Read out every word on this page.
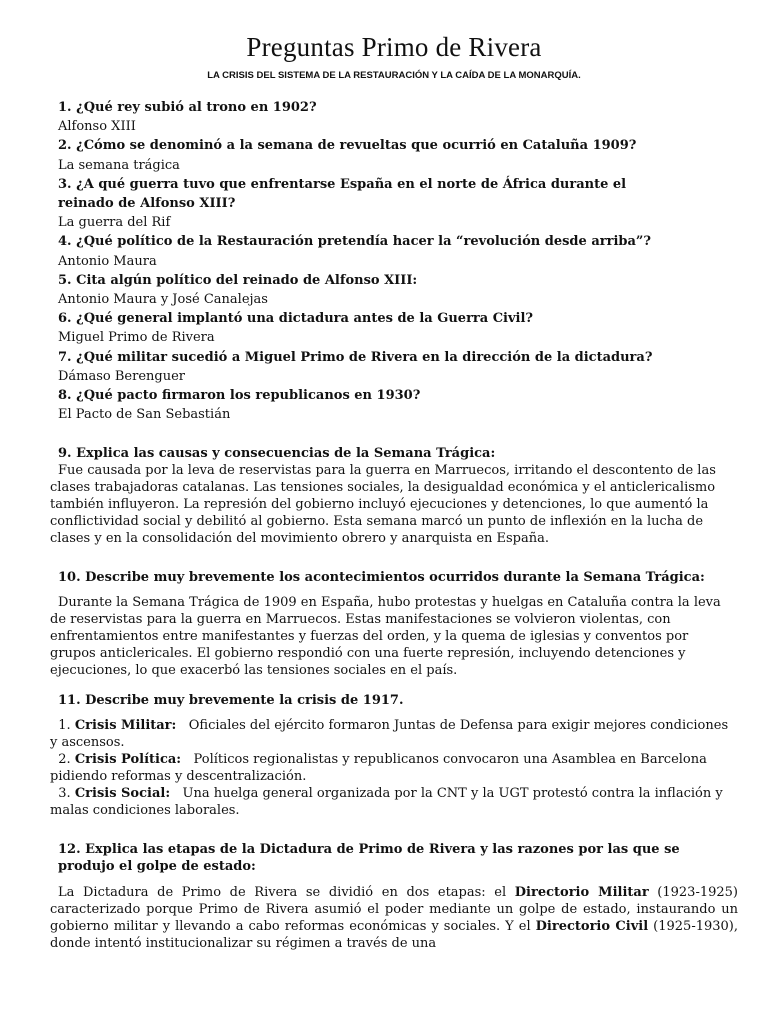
Preguntas Primo de Rivera

LA CRISIS DEL SISTEMA DE LA RESTAURACIÓN Y LA CAÍDA DE LA MONARQUÍA.

1. ¿Qué rey subió al trono en 1902?

Alfonso XIII

2. ¿Cómo se denominó a la semana de revueltas que ocurrió en Cataluña 1909?

La semana trágica

3. ¿A qué guerra tuvo que enfrentarse España en el norte de África durante el reinado de Alfonso XIII?

La guerra del Rif

4. ¿Qué político de la Restauración pretendía hacer la “revolución desde arriba”?

Antonio Maura

5. Cita algún político del reinado de Alfonso XIII:

Antonio Maura y José Canalejas

6. ¿Qué general implantó una dictadura antes de la Guerra Civil?

Miguel Primo de Rivera

7. ¿Qué militar sucedió a Miguel Primo de Rivera en la dirección de la dictadura?

Dámaso Berenguer

8. ¿Qué pacto firmaron los republicanos en 1930?

El Pacto de San Sebastián

9. Explica las causas y consecuencias de la Semana Trágica:

Fue causada por la leva de reservistas para la guerra en Marruecos, irritando el descontento de las clases trabajadoras catalanas. Las tensiones sociales, la desigualdad económica y el anticlericalismo también influyeron. La represión del gobierno incluyó ejecuciones y detenciones, lo que aumentó la conflictividad social y debilitó al gobierno. Esta semana marcó un punto de inflexión en la lucha de clases y en la consolidación del movimiento obrero y anarquista en España.

10. Describe muy brevemente los acontecimientos ocurridos durante la Semana Trágica:

Durante la Semana Trágica de 1909 en España, hubo protestas y huelgas en Cataluña contra la leva de reservistas para la guerra en Marruecos. Estas manifestaciones se volvieron violentas, con enfrentamientos entre manifestantes y fuerzas del orden, y la quema de iglesias y conventos por grupos anticlericales. El gobierno respondió con una fuerte represión, incluyendo detenciones y ejecuciones, lo que exacerbó las tensiones sociales en el país.

11. Describe muy brevemente la crisis de 1917.

1. Crisis Militar: Oficiales del ejército formaron Juntas de Defensa para exigir mejores condiciones y ascensos.

2. Crisis Política: Políticos regionalistas y republicanos convocaron una Asamblea en Barcelona pidiendo reformas y descentralización.

3. Crisis Social: Una huelga general organizada por la CNT y la UGT protestó contra la inflación y malas condiciones laborales.

12. Explica las etapas de la Dictadura de Primo de Rivera y las razones por las que se produjo el golpe de estado:

La Dictadura de Primo de Rivera se dividió en dos etapas: el Directorio Militar (1923-1925) caracterizado porque Primo de Rivera asumió el poder mediante un golpe de estado, instaurando un gobierno militar y llevando a cabo reformas económicas y sociales. Y el Directorio Civil (1925-1930), donde intentó institucionalizar su régimen a través de una
